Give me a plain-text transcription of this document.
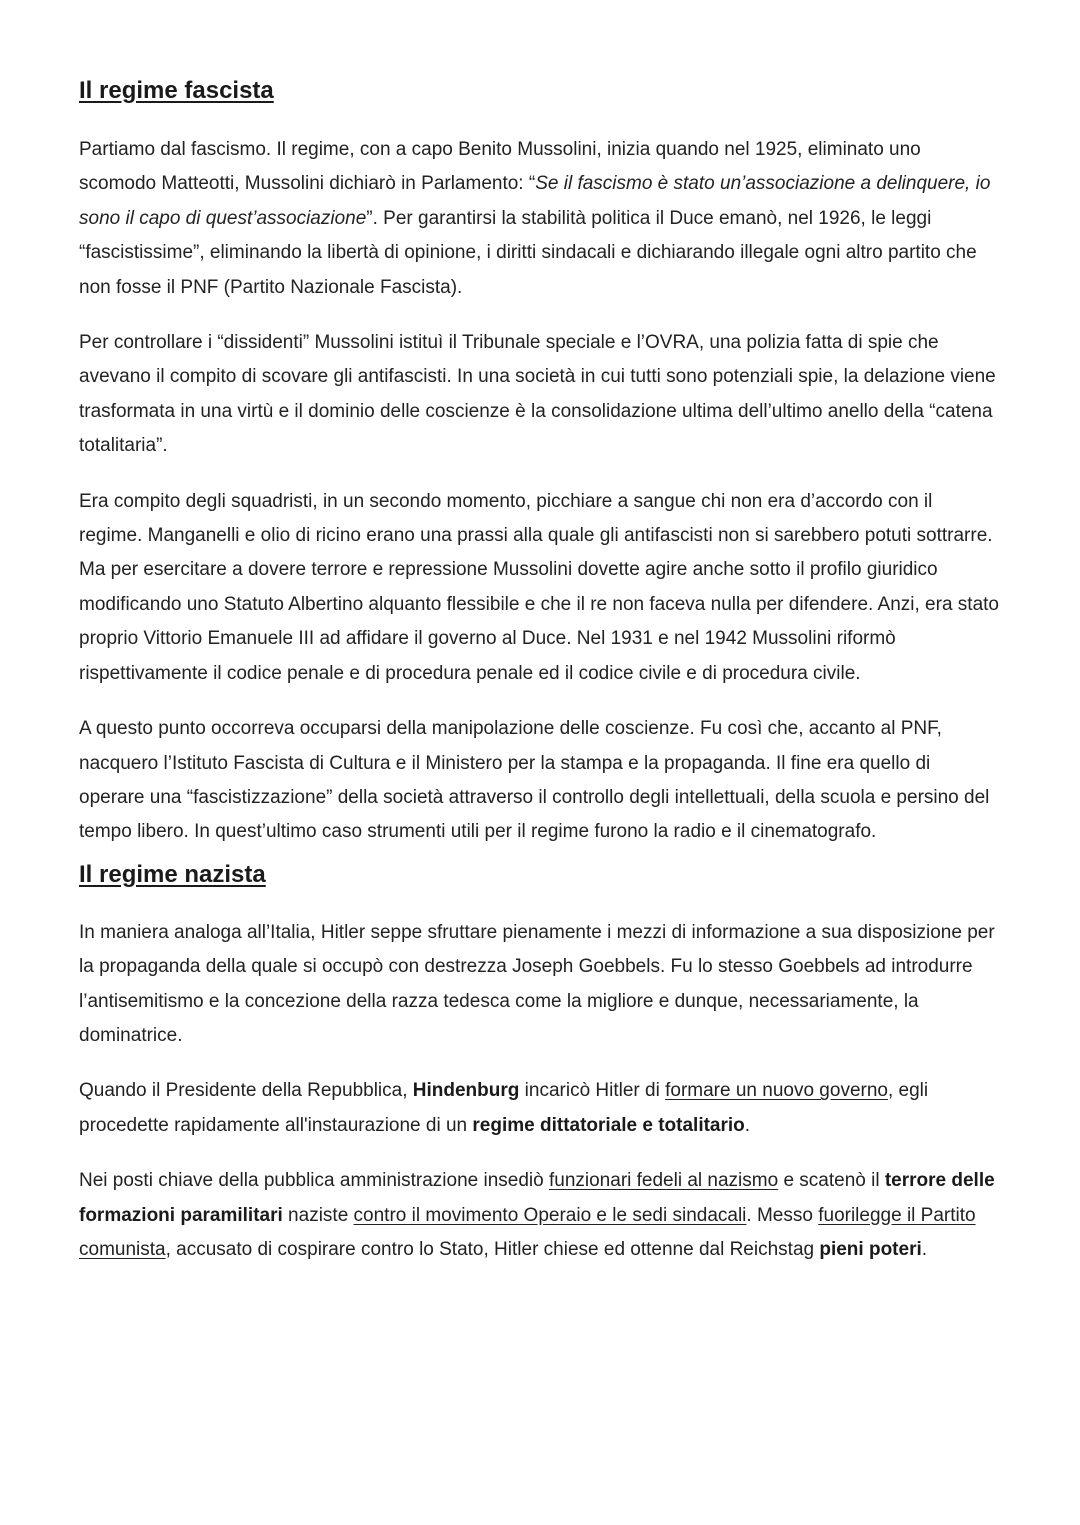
Il regime fascista

Partiamo dal fascismo. Il regime, con a capo Benito Mussolini, inizia quando nel 1925, eliminato uno scomodo Matteotti, Mussolini dichiarò in Parlamento: “Se il fascismo è stato un’associazione a delinquere, io sono il capo di quest’associazione”. Per garantirsi la stabilità politica il Duce emanò, nel 1926, le leggi “fascistissime”, eliminando la libertà di opinione, i diritti sindacali e dichiarando illegale ogni altro partito che non fosse il PNF (Partito Nazionale Fascista).

Per controllare i “dissidenti” Mussolini istituì il Tribunale speciale e l’OVRA, una polizia fatta di spie che avevano il compito di scovare gli antifascisti. In una società in cui tutti sono potenziali spie, la delazione viene trasformata in una virtù e il dominio delle coscienze è la consolidazione ultima dell’ultimo anello della “catena totalitaria”.

Era compito degli squadristi, in un secondo momento, picchiare a sangue chi non era d’accordo con il regime. Manganelli e olio di ricino erano una prassi alla quale gli antifascisti non si sarebbero potuti sottrarre. Ma per esercitare a dovere terrore e repressione Mussolini dovette agire anche sotto il profilo giuridico modificando uno Statuto Albertino alquanto flessibile e che il re non faceva nulla per difendere. Anzi, era stato proprio Vittorio Emanuele III ad affidare il governo al Duce. Nel 1931 e nel 1942 Mussolini riformò rispettivamente il codice penale e di procedura penale ed il codice civile e di procedura civile.

A questo punto occorreva occuparsi della manipolazione delle coscienze. Fu così che, accanto al PNF, nacquero l’Istituto Fascista di Cultura e il Ministero per la stampa e la propaganda. Il fine era quello di operare una “fascistizzazione” della società attraverso il controllo degli intellettuali, della scuola e persino del tempo libero. In quest’ultimo caso strumenti utili per il regime furono la radio e il cinematografo.

Il regime nazista

In maniera analoga all’Italia, Hitler seppe sfruttare pienamente i mezzi di informazione a sua disposizione per la propaganda della quale si occupò con destrezza Joseph Goebbels. Fu lo stesso Goebbels ad introdurre l’antisemitismo e la concezione della razza tedesca come la migliore e dunque, necessariamente, la dominatrice.

Quando il Presidente della Repubblica, Hindenburg incaricò Hitler di formare un nuovo governo, egli procedette rapidamente all'instaurazione di un regime dittatoriale e totalitario.

Nei posti chiave della pubblica amministrazione insediò funzionari fedeli al nazismo e scatenò il terrore delle formazioni paramilitari naziste contro il movimento Operaio e le sedi sindacali. Messo fuorilegge il Partito comunista, accusato di cospirare contro lo Stato, Hitler chiese ed ottenne dal Reichstag pieni poteri.
